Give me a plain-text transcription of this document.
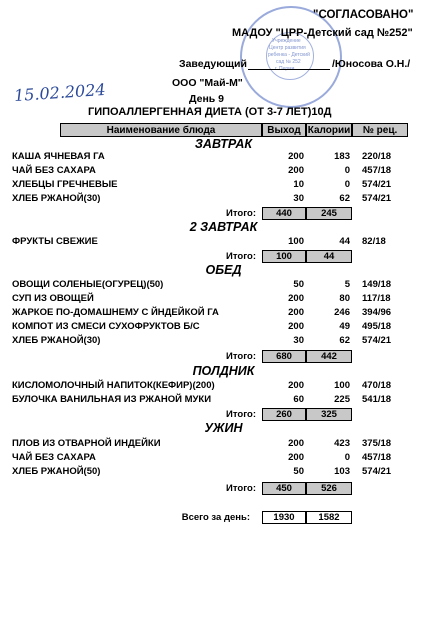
Учреждение
Центр развития
ребенка - Детский
сад № 252
г. Перми
"СОГЛАСОВАНО"
МАДОУ "ЦРР-Детский сад №252"
Заведующий	/Юносова О.Н./
ООО "Май-М"
15.02.2024	День 9
ГИПОАЛЛЕРГЕННАЯ ДИЕТА (ОТ 3-7 ЛЕТ)10Д
Наименование блюда	Выход Калории	№ рец.
ЗАВТРАК
КАША ЯЧНЕВАЯ ГА	200	183 220/18
ЧАЙ БЕЗ САХАРА	200	0 457/18
ХЛЕБЦЫ ГРЕЧНЕВЫЕ	10	0 574/21
ХЛЕБ РЖАНОЙ(30)	30	62 574/21
Итого:	440	245
2 ЗАВТРАК
ФРУКТЫ СВЕЖИЕ	100	44 82/18
Итого:	100	44
ОБЕД
ОВОЩИ СОЛЕНЫЕ(ОГУРЕЦ)(50)	50	5 149/18
СУП ИЗ ОВОЩЕЙ	200	80 117/18
ЖАРКОЕ ПО-ДОМАШНЕМУ С ЙНДЕЙКОЙ ГА	200	246 394/96
КОМПОТ ИЗ СМЕСИ СУХОФРУКТОВ Б/С	200	49 495/18
ХЛЕБ РЖАНОЙ(30)	30	62 574/21
Итого:	680	442
ПОЛДНИК
КИСЛОМОЛОЧНЫЙ НАПИТОК(КЕФИР)(200)	200	100 470/18
БУЛОЧКА ВАНИЛЬНАЯ ИЗ РЖАНОЙ МУКИ	60	225 541/18
Итого:	260	325
УЖИН
ПЛОВ ИЗ ОТВАРНОЙ ИНДЕЙКИ	200	423 375/18
ЧАЙ БЕЗ САХАРА	200	0 457/18
ХЛЕБ РЖАНОЙ(50)	50	103 574/21
Итого:	450	526
Всего за день:	1930	1582
